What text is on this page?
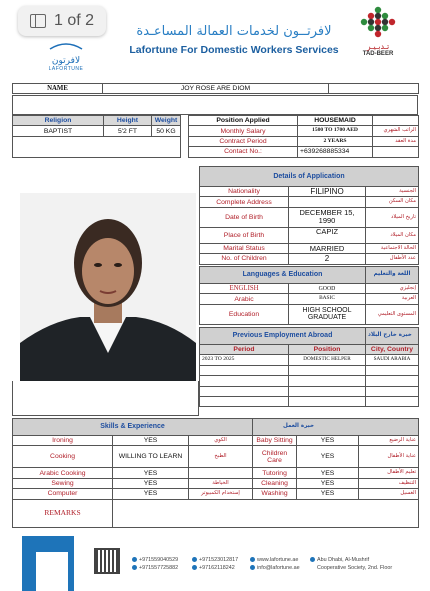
1 of 2
لافرتون
LAFORTUNE
لافرتــون لخدمات العمالة المساعـدة
Lafortune For Domestic Workers Services	تـدبـيـر
TAD-BEER
NAME	JOY ROSE ARE DIOM	
Religion	Height	Weight		Position Applied	HOUSEMAID	
BAPTIST	5'2 FT	50 KG		Monthly Salary	1500 TO 1700 AED	الراتب الشهري
				Contract Period	2 YEARS	مدة العقد
				Contact No.:	+639268885334	
Details of Application		
Nationality	FILIPINO	الجنسية
Complete Address		مكان السكن
Date of Birth	DECEMBER 15, 1990	تاريخ الميلاد
Place of Birth	CAPIZ	مكان الميلاد
Marital Status	MARRIED	الحالة الاجتماعية
No. of Children	2	عدد الأطفال
Languages & Education		اللغة والتعليم
ENGLISH	GOOD	إنجليزي
Arabic	BASIC	العربية
Education	HIGH SCHOOL GRADUATE	المستوى التعليمي
Previous Employment Abroad		خبرة خارج البلاد
Period	Position	City, Country
2023 TO 2025	DOMESTIC HELPER	SAUDI ARABIA

Skills & Experience			خبرة العمل		
Ironing	YES	الكوي	Baby Sitting	YES	عناية الرضيع
Cooking	WILLING TO LEARN	الطبخ	Children Care	YES	عناية الأطفال
Arabic Cooking	YES		Tutoring	YES	تعليم الأطفال
Sewing	YES	الخياطة	Cleaning	YES	التنظيف
Computer	YES	إستخدام الكمبيوتر	Washing	YES	الغسيل
REMARKS					
+971559040529
+971557725882
+971523012817
+97162118242
www.lafortune.ae
info@lafortune.ae
Abu Dhabi, Al-Mushrif
Cooperative Society, 2nd. Floor
